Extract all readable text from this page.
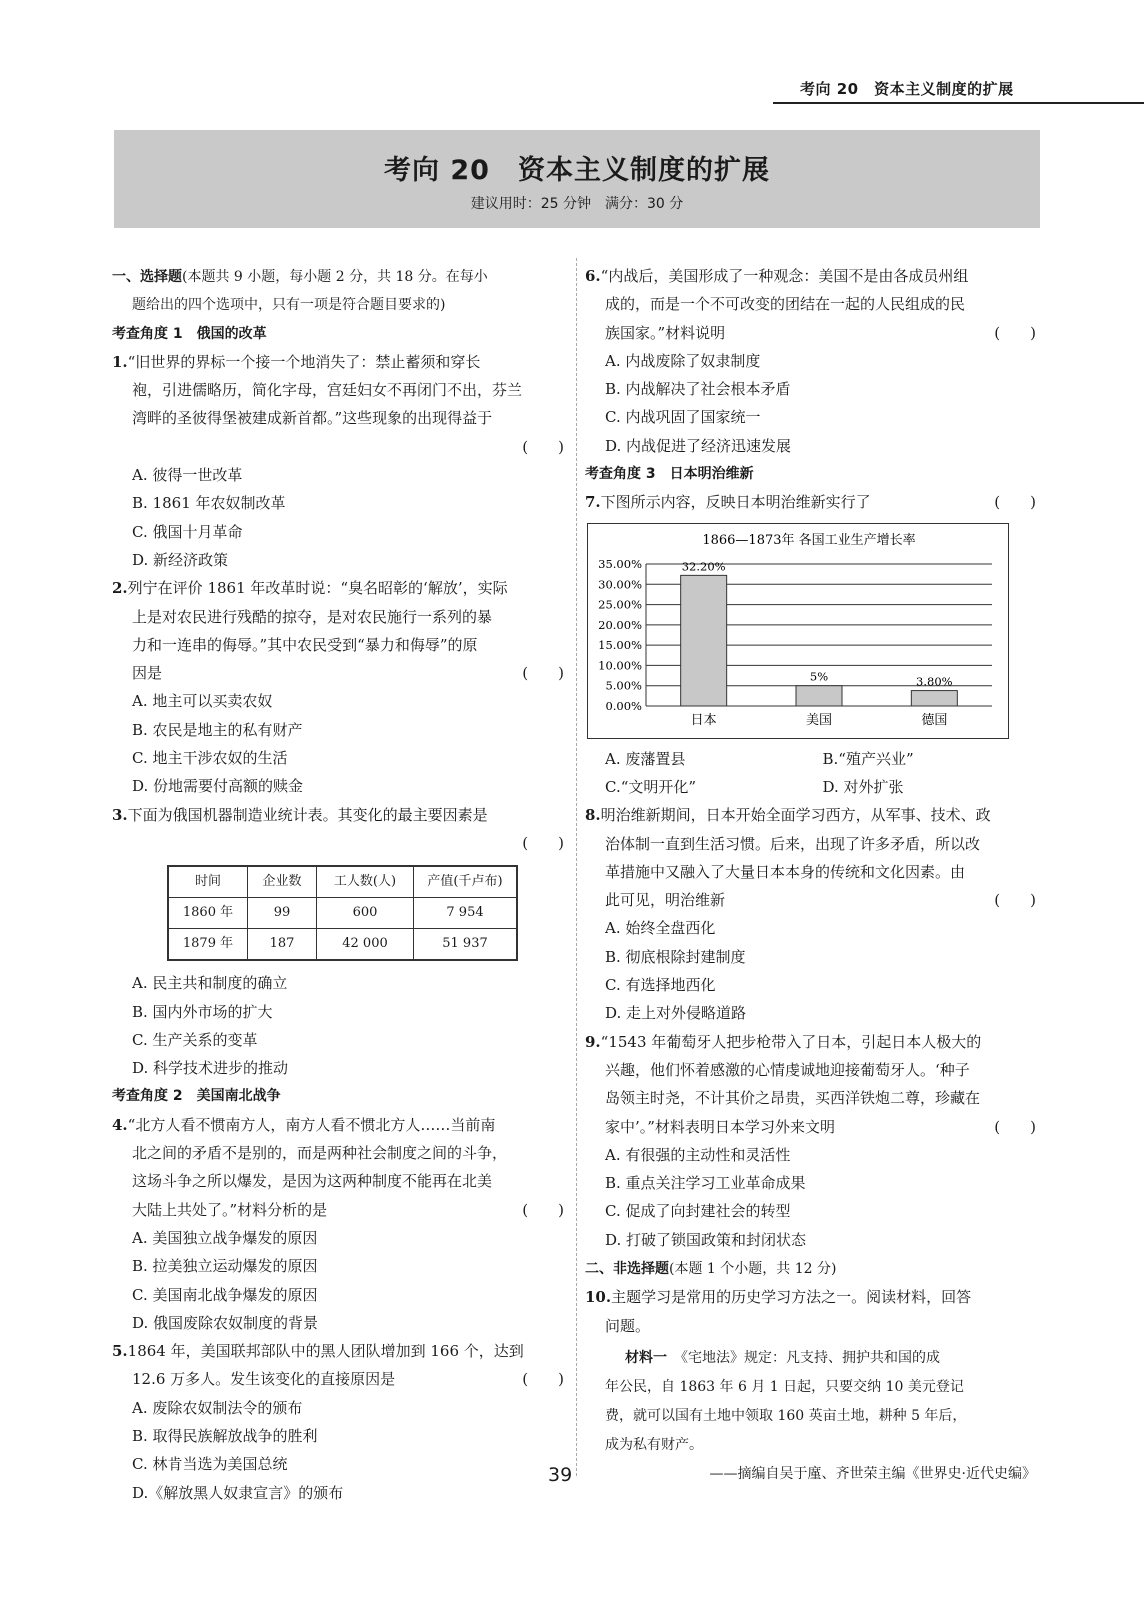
考向 20　资本主义制度的扩展
考向 20　资本主义制度的扩展
建议用时：25 分钟　满分：30 分

一、选择题(本题共 9 小题，每小题 2 分，共 18 分。在每小

题给出的四个选项中，只有一项是符合题目要求的)

考查角度 1　俄国的改革

1.“旧世界的界标一个接一个地消失了：禁止蓄须和穿长

袍，引进儒略历，简化字母，宫廷妇女不再闭门不出，芬兰

湾畔的圣彼得堡被建成新首都。”这些现象的出现得益于

(　　)

A. 彼得一世改革

B. 1861 年农奴制改革

C. 俄国十月革命

D. 新经济政策

2.列宁在评价 1861 年改革时说：“臭名昭彰的‘解放’，实际

上是对农民进行残酷的掠夺，是对农民施行一系列的暴

力和一连串的侮辱。”其中农民受到“暴力和侮辱”的原

因是	(　　)

A. 地主可以买卖农奴

B. 农民是地主的私有财产

C. 地主干涉农奴的生活

D. 份地需要付高额的赎金

3.下面为俄国机器制造业统计表。其变化的最主要因素是

(　　)
时间	企业数	工人数(人)	产值(千卢布)
1860 年	99	600	7 954
1879 年	187	42 000	51 937

A. 民主共和制度的确立

B. 国内外市场的扩大

C. 生产关系的变革

D. 科学技术进步的推动

考查角度 2　美国南北战争

4.“北方人看不惯南方人，南方人看不惯北方人……当前南

北之间的矛盾不是别的，而是两种社会制度之间的斗争，

这场斗争之所以爆发，是因为这两种制度不能再在北美

大陆上共处了。”材料分析的是	(　　)

A. 美国独立战争爆发的原因

B. 拉美独立运动爆发的原因

C. 美国南北战争爆发的原因

D. 俄国废除农奴制度的背景

5.1864 年，美国联邦部队中的黑人团队增加到 166 个，达到

12.6 万多人。发生该变化的直接原因是	(　　)

A. 废除农奴制法令的颁布

B. 取得民族解放战争的胜利

C. 林肯当选为美国总统

D.《解放黑人奴隶宣言》的颁布

6.“内战后，美国形成了一种观念：美国不是由各成员州组

成的，而是一个不可改变的团结在一起的人民组成的民

族国家。”材料说明	(　　)

A. 内战废除了奴隶制度

B. 内战解决了社会根本矛盾

C. 内战巩固了国家统一

D. 内战促进了经济迅速发展

考查角度 3　日本明治维新

7.下图所示内容，反映日本明治维新实行了	(　　)

1866—1873年 各国工业生产增长率
0.00%
5.00%
10.00%
15.00%
20.00%
25.00%
30.00%
35.00%	32.20%
日本
5%
美国
3.80%
德国
A. 废藩置县	B.“殖产兴业”
C.“文明开化”	D. 对外扩张

8.明治维新期间，日本开始全面学习西方，从军事、技术、政

治体制一直到生活习惯。后来，出现了许多矛盾，所以改

革措施中又融入了大量日本本身的传统和文化因素。由

此可见，明治维新	(　　)

A. 始终全盘西化

B. 彻底根除封建制度

C. 有选择地西化

D. 走上对外侵略道路

9.“1543 年葡萄牙人把步枪带入了日本，引起日本人极大的

兴趣，他们怀着感激的心情虔诚地迎接葡萄牙人。‘种子

岛领主时尧，不计其价之昂贵，买西洋铁炮二尊，珍藏在

家中’。”材料表明日本学习外来文明	(　　)

A. 有很强的主动性和灵活性

B. 重点关注学习工业革命成果

C. 促成了向封建社会的转型

D. 打破了锁国政策和封闭状态

二、非选择题(本题 1 个小题，共 12 分)

10.主题学习是常用的历史学习方法之一。阅读材料，回答

问题。

材料一　 《宅地法》规定：凡支持、拥护共和国的成
年公民，自 1863 年 6 月 1 日起，只要交纳 10 美元登记
费，就可以国有土地中领取 160 英亩土地，耕种 5 年后，
成为私有财产。
——摘编自吴于廑、齐世荣主编《世界史·近代史编》
39
